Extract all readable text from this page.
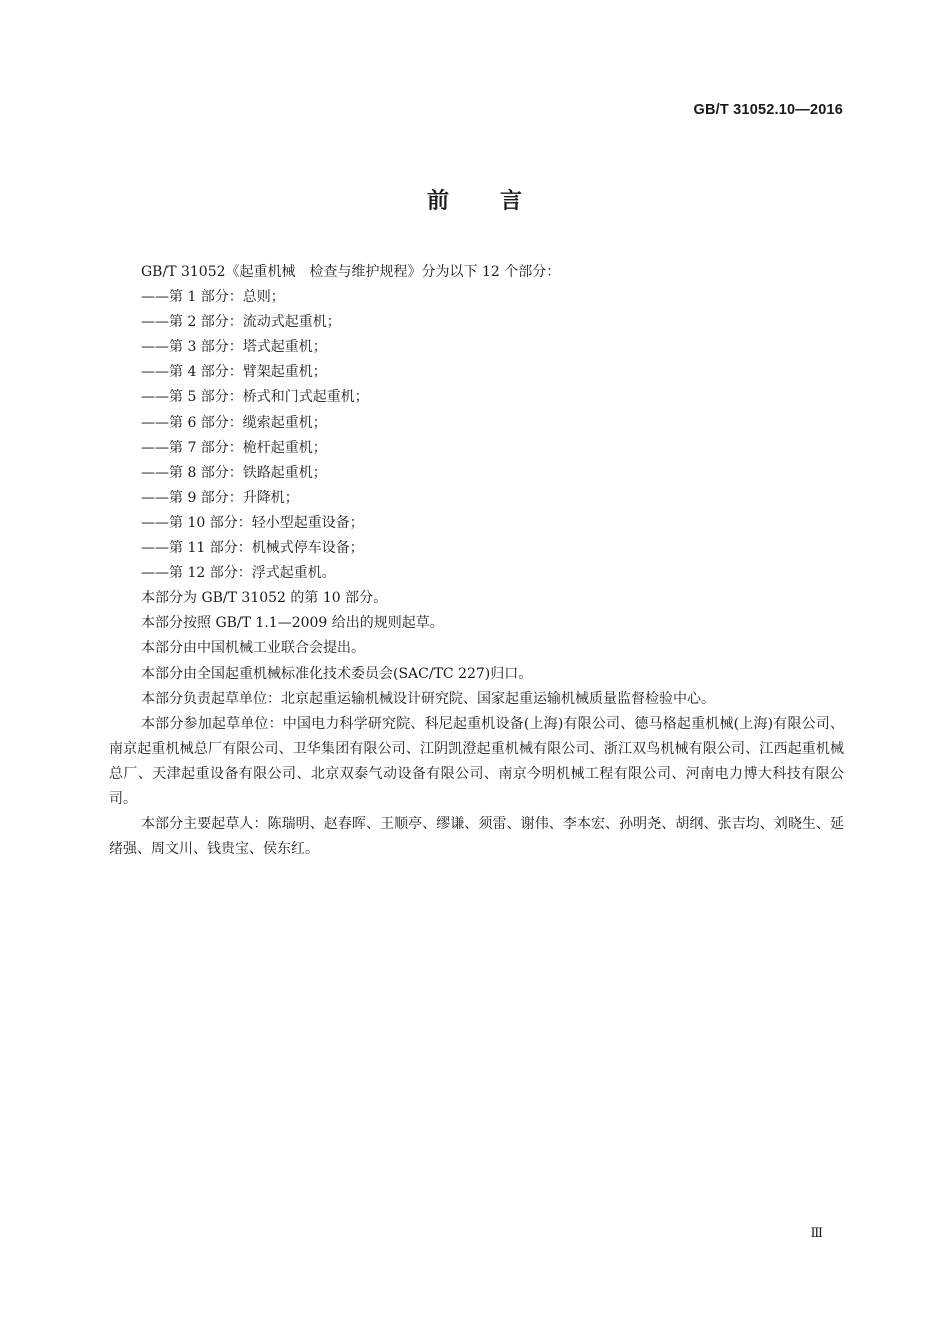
GB/T 31052.10—2016
前 言
GB/T 31052《起重机械　检查与维护规程》分为以下 12 个部分：
——第 1 部分：总则；
——第 2 部分：流动式起重机；
——第 3 部分：塔式起重机；
——第 4 部分：臂架起重机；
——第 5 部分：桥式和门式起重机；
——第 6 部分：缆索起重机；
——第 7 部分：桅杆起重机；
——第 8 部分：铁路起重机；
——第 9 部分：升降机；
——第 10 部分：轻小型起重设备；
——第 11 部分：机械式停车设备；
——第 12 部分：浮式起重机。
本部分为 GB/T 31052 的第 10 部分。
本部分按照 GB/T 1.1—2009 给出的规则起草。
本部分由中国机械工业联合会提出。
本部分由全国起重机械标准化技术委员会(SAC/TC 227)归口。
本部分负责起草单位：北京起重运输机械设计研究院、国家起重运输机械质量监督检验中心。
本部分参加起草单位：中国电力科学研究院、科尼起重机设备(上海)有限公司、德马格起重机械(上海)有限公司、南京起重机械总厂有限公司、卫华集团有限公司、江阴凯澄起重机械有限公司、浙江双鸟机械有限公司、江西起重机械总厂、天津起重设备有限公司、北京双泰气动设备有限公司、南京今明机械工程有限公司、河南电力博大科技有限公司。
本部分主要起草人：陈瑞明、赵春晖、王顺亭、缪谦、须雷、谢伟、李本宏、孙明尧、胡纲、张吉均、刘晓生、延绪强、周文川、钱贵宝、侯东红。
Ⅲ
